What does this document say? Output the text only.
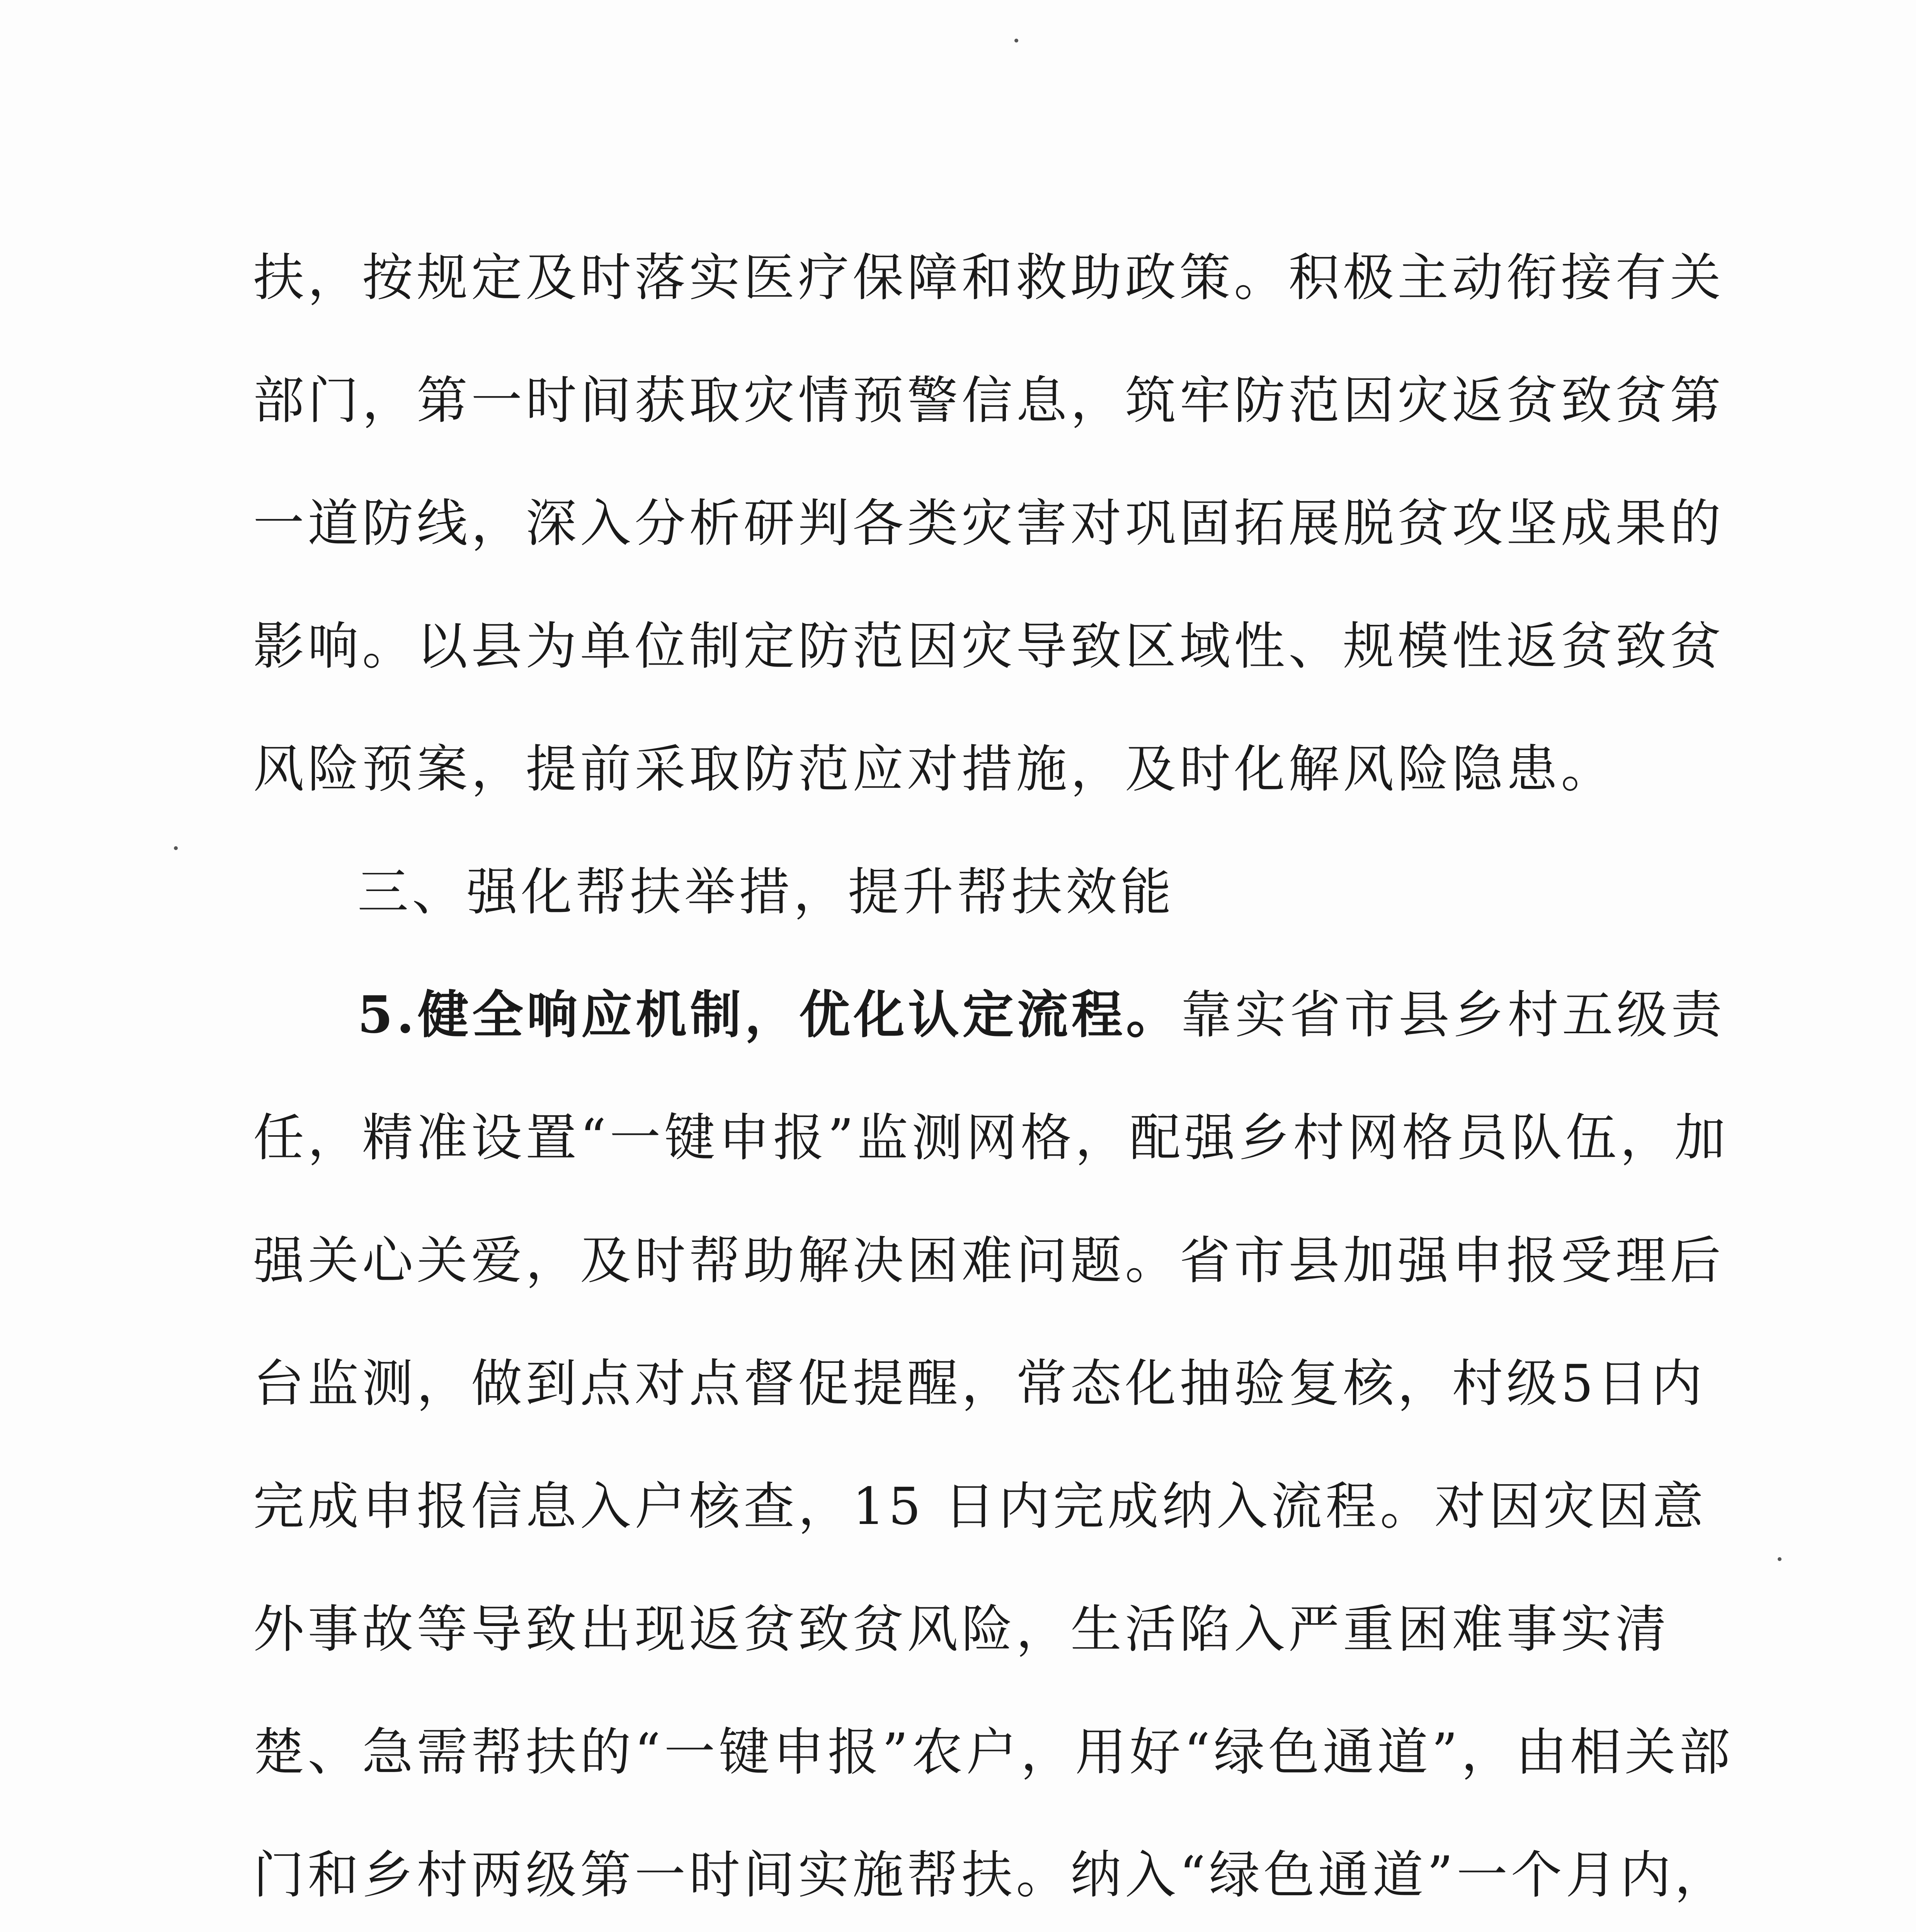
扶，按规定及时落实医疗保障和救助政策。积极主动衔接有关
部门，第一时间获取灾情预警信息，筑牢防范因灾返贫致贫第
一道防线，深入分析研判各类灾害对巩固拓展脱贫攻坚成果的
影响。以县为单位制定防范因灾导致区域性、规模性返贫致贫
风险预案，提前采取防范应对措施，及时化解风险隐患。
三、强化帮扶举措，提升帮扶效能
5.健全响应机制，优化认定流程。靠实省市县乡村五级责
任，精准设置“一键申报”监测网格，配强乡村网格员队伍，加
强关心关爱，及时帮助解决困难问题。省市县加强申报受理后
台监测，做到点对点督促提醒，常态化抽验复核，村级5日内
完成申报信息入户核查，15 日内完成纳入流程。对因灾因意
外事故等导致出现返贫致贫风险，生活陷入严重困难事实清
楚、急需帮扶的“一键申报”农户，用好“绿色通道”，由相关部
门和乡村两级第一时间实施帮扶。纳入“绿色通道”一个月内，
